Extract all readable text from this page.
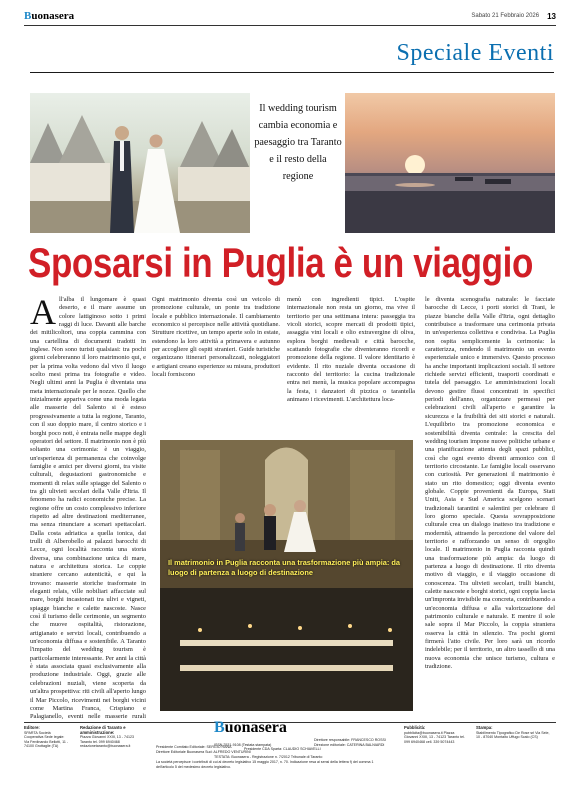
Buonasera	Sabato 21 Febbraio 2026 13
Speciale Eventi
Il wedding tourism cambia economia e paesaggio tra Taranto e il resto della regione
Sposarsi in Puglia è un viaggio
All'alba il lungomare è quasi deserto, e il mare assume un colore lattiginoso sotto i primi raggi di luce. Davanti alle barche dei mitilicoltori, una coppia cammina con una cartellina di documenti tradotti in inglese. Non sono turisti qualsiasi: tra pochi giorni celebreranno il loro matrimonio qui, e per la prima volta vedono dal vivo il luogo scelto mesi prima tra fotografie e video. Negli ultimi anni la Puglia è diventata una meta internazionale per le nozze. Quello che inizialmente appariva come una moda legata alle masserie del Salento si è esteso progressivamente a tutta la regione, Taranto, con il suo doppio mare, il centro storico e i borghi poco noti, è entrata nelle mappe degli operatori del settore. Il matrimonio non è più soltanto una cerimonia: è un viaggio, un'esperienza di permanenza che coinvolge famiglie e amici per diversi giorni, tra visite culturali, degustazioni gastronomiche e momenti di relax sulle spiagge del Salento o tra gli ulivieti secolari della Valle d'Itria. Il fenomeno ha radici economiche precise. La regione offre un costo complessivo inferiore rispetto ad altre destinazioni mediterranee, ma senza rinunciare a scenari spettacolari. Dalla costa adriatica a quella ionica, dai trulli di Alberobello ai palazzi barocchi di Lecce, ogni località racconta una storia diversa, una combinazione unica di mare, natura e architettura storica. Le coppie straniere cercano autenticità, e qui la trovano: masserie storiche trasformate in eleganti relais, ville nobiliari affacciate sul mare, borghi incastonati tra ulivi e vigneti, spiagge bianche e calette nascoste. Nasce così il turismo delle cerimonie, un segmento che muove ospitalità, ristorazione, artigianato e servizi locali, contribuendo a un'economia diffusa e sostenibile. A Taranto l'impatto del wedding tourism è particolarmente interessante. Per anni la città è stata associata quasi esclusivamente alla produzione industriale. Oggi, grazie alle celebrazioni nuziali, viene scoperta da un'altra prospettiva: riti civili all'aperto lungo il Mar Piccolo, ricevimenti nei borghi vicini come Martina Franca, Crispiano e Palagianello, eventi nelle masserie rurali
Ogni matrimonio diventa così un veicolo di promozione culturale, un ponte tra tradizione locale e pubblico internazionale. Il cambiamento economico si percepisce nelle attività quotidiane. Strutture ricettive, un tempo aperte solo in estate, estendono la loro attività a primavera e autunno per accogliere gli ospiti stranieri. Guide turistiche organizzano itinerari personalizzati, noleggiatori e artigiani creano esperienze su misura, produttori locali forniscono
menù con ingredienti tipici. L'ospite internazionale non resta un giorno, ma vive il territorio per una settimana intera: passeggia tra vicoli storici, scopre mercati di prodotti tipici, assaggia vini locali e olio extravergine di oliva, esplora borghi medievali e città barocche, scattando fotografie che diventeranno ricordi e promozione della regione. Il valore identitario è evidente. Il rito nuziale diventa occasione di racconto del territorio: la cucina tradizionale entra nei menù, la musica popolare accompagna la festa, i danzatori di pizzica o tarantella animano i ricevimenti. L'architettura loca-
Il matrimonio in Puglia racconta una trasformazione più ampia: da luogo di partenza a luogo di destinazione
le diventa scenografia naturale: le facciate barocche di Lecce, i porti storici di Trani, le piazze bianche della Valle d'Itria, ogni dettaglio contribuisce a trasformare una cerimonia privata in un'esperienza collettiva e condivisa. La Puglia non ospita semplicemente la cerimonia: la caratterizza, rendendo il matrimonio un evento esperienziale unico e immersivo. Questo processo ha anche importanti implicazioni sociali. Il settore richiede servizi efficienti, trasporti coordinati e tutela del paesaggio. Le amministrazioni locali devono gestire flussi concentrati in specifici periodi dell'anno, organizzare permessi per celebrazioni civili all'aperto e garantire la sicurezza e la fruibilità dei siti storici e naturali. L'equilibrio tra promozione economica e sostenibilità diventa centrale: la crescita del wedding tourism impone nuove politiche urbane e una pianificazione attenta degli spazi pubblici, così che ogni evento diventi armonico con il territorio circostante. Le famiglie locali osservano con curiosità. Per generazioni il matrimonio è stato un rito domestico; oggi diventa evento globale. Coppie provenienti da Europa, Stati Uniti, Asia e Sud America scelgono scenari tradizionali tarantini e salentini per celebrare il loro giorno speciale. Questa sovrapposizione culturale crea un dialogo inatteso tra tradizione e modernità, attraendo la percezione del valore del territorio e rafforzando un senso di orgoglio locale. Il matrimonio in Puglia racconta quindi una trasformazione più ampia: da luogo di partenza a luogo di destinazione. Il rito diventa motivo di viaggio, e il viaggio occasione di conoscenza. Tra ulivieti secolari, trulli bianchi, calette nascoste e borghi storici, ogni coppia lascia un'impronta invisibile ma concreta, contribuendo a un'economia diffusa e alla valorizzazione del patrimonio culturale e naturale. E mentre il sole sale sopra il Mar Piccolo, la coppia straniera osserva la città in silenzio. Tra pochi giorni firmerà l'atto civile. Per loro sarà un ricordo indelebile; per il territorio, un altro tassello di una nuova economia che unisce turismo, cultura e tradizione.
Editore:
SPARTA Società Cooperativa Sede legale: Via Ferdinando Bellotti, 11 - 74100 Grottaglie (TA)
Redazione di Taranto e amministrazione:
Piazza Giovanni XXIII, 13 - 74123 Taranto tel. 099 6940468 redazionetaranto@buonasera.it
Buonasera
Presidente Comitato Editoriale: SERGIO RANA
Direttore Editoriale Buonasera Sud: ALFREDO VENTURINI
Presidente CDA Sparta: CLAUDIO SCHIAVELLI
ISSN 2531-9108 (Testata stampata)
Direttore responsabile: FRANCESCO ROSSI
Direzione editoriale: CATERINA BALNIARDI
TESTATA: Buonasera - Registrazione n. 7/2012 Tribunale di Taranto
La società percepisce i contributi di cui al decreto legislativo 15 maggio 2017, n. 70. Indicazione resa ai sensi della lettera f) del comma 1 dell'articolo 5 del medesimo decreto legislativo.
Pubblicità:
pubblicita@buonasera.it Piazza Giovanni XXIII, 13 - 74123 Taranto tel. 099 6940468 cell. 339 5074443
Stampa:
Stabilimento Tipografico De Rose srl Via Sele, 10 - 87040 Montalto Uffugo Scalo (CS)
